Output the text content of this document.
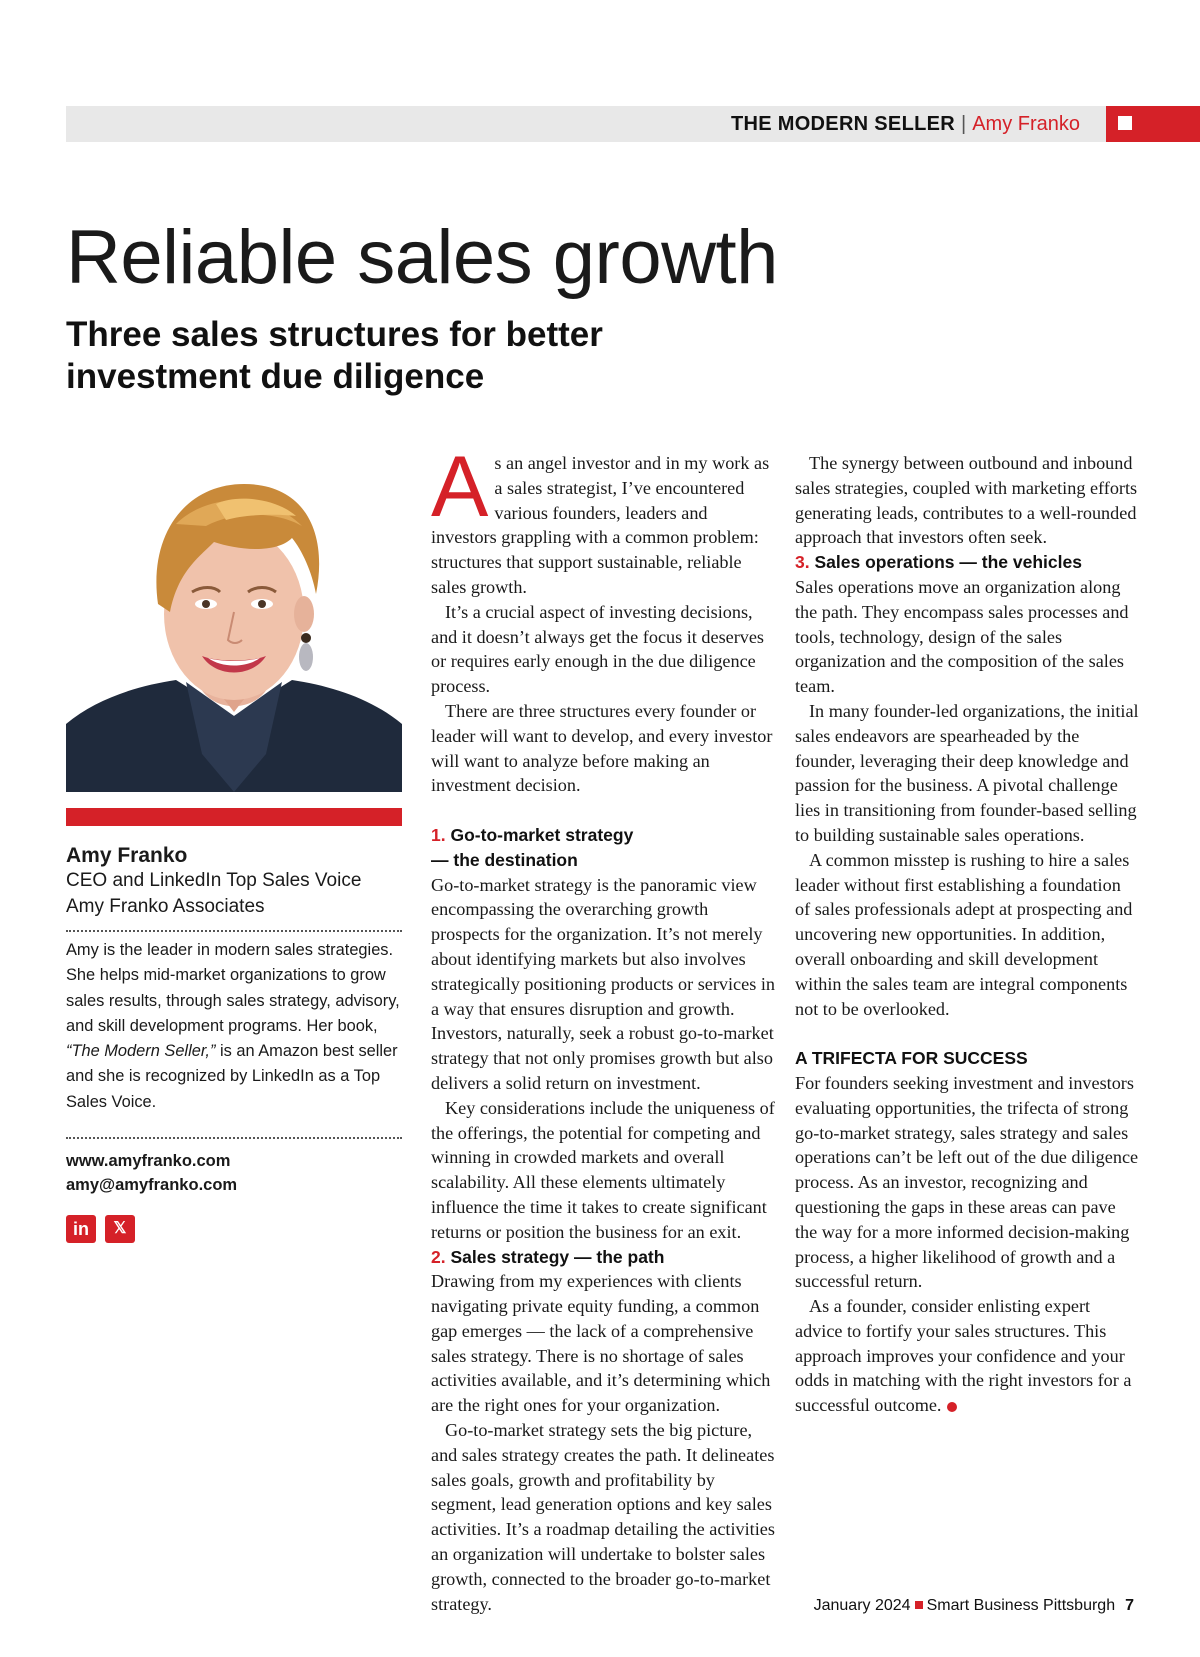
THE MODERN SELLER | Amy Franko
Reliable sales growth
Three sales structures for better investment due diligence
Amy Franko
CEO and LinkedIn Top Sales Voice
Amy Franko Associates

Amy is the leader in modern sales strategies. She helps mid-market organizations to grow sales results, through sales strategy, advisory, and skill development programs. Her book, “The Modern Seller,” is an Amazon best seller and she is recognized by LinkedIn as a Top Sales Voice.

www.amyfranko.com
amy@amyfranko.com
in	𝕏

As an angel investor and in my work as a sales strategist, I’ve encountered various founders, leaders and investors grappling with a common problem: structures that support sustainable, reliable sales growth.

It’s a crucial aspect of investing decisions, and it doesn’t always get the focus it deserves or requires early enough in the due diligence process.

There are three structures every founder or leader will want to develop, and every investor will want to analyze before making an investment decision.

1. Go-to-market strategy
— the destination

Go-to-market strategy is the panoramic view encompassing the overarching growth prospects for the organization. It’s not merely about identifying markets but also involves strategically positioning products or services in a way that ensures disruption and growth. Investors, naturally, seek a robust go-to-market strategy that not only promises growth but also delivers a solid return on investment.

Key considerations include the uniqueness of the offerings, the potential for competing and winning in crowded markets and overall scalability. All these elements ultimately influence the time it takes to create significant returns or position the business for an exit.

2. Sales strategy — the path

Drawing from my experiences with clients navigating private equity funding, a common gap emerges — the lack of a comprehensive sales strategy. There is no shortage of sales activities available, and it’s determining which are the right ones for your organization.

Go-to-market strategy sets the big picture, and sales strategy creates the path. It delineates sales goals, growth and profitability by segment, lead generation options and key sales activities. It’s a roadmap detailing the activities an organization will undertake to bolster sales growth, connected to the broader go-to-market strategy.

The synergy between outbound and inbound sales strategies, coupled with marketing efforts generating leads, contributes to a well-rounded approach that investors often seek.

3. Sales operations — the vehicles

Sales operations move an organization along the path. They encompass sales processes and tools, technology, design of the sales organization and the composition of the sales team.

In many founder-led organizations, the initial sales endeavors are spearheaded by the founder, leveraging their deep knowledge and passion for the business. A pivotal challenge lies in transitioning from founder-based selling to building sustainable sales operations.

A common misstep is rushing to hire a sales leader without first establishing a foundation of sales professionals adept at prospecting and uncovering new opportunities. In addition, overall onboarding and skill development within the sales team are integral components not to be overlooked.

A TRIFECTA FOR SUCCESS

For founders seeking investment and investors evaluating opportunities, the trifecta of strong go-to-market strategy, sales strategy and sales operations can’t be left out of the due diligence process. As an investor, recognizing and questioning the gaps in these areas can pave the way for a more informed decision-making process, a higher likelihood of growth and a successful return.

As a founder, consider enlisting expert advice to fortify your sales structures. This approach improves your confidence and your odds in matching with the right investors for a successful outcome.

January 2024 Smart Business Pittsburgh 7
